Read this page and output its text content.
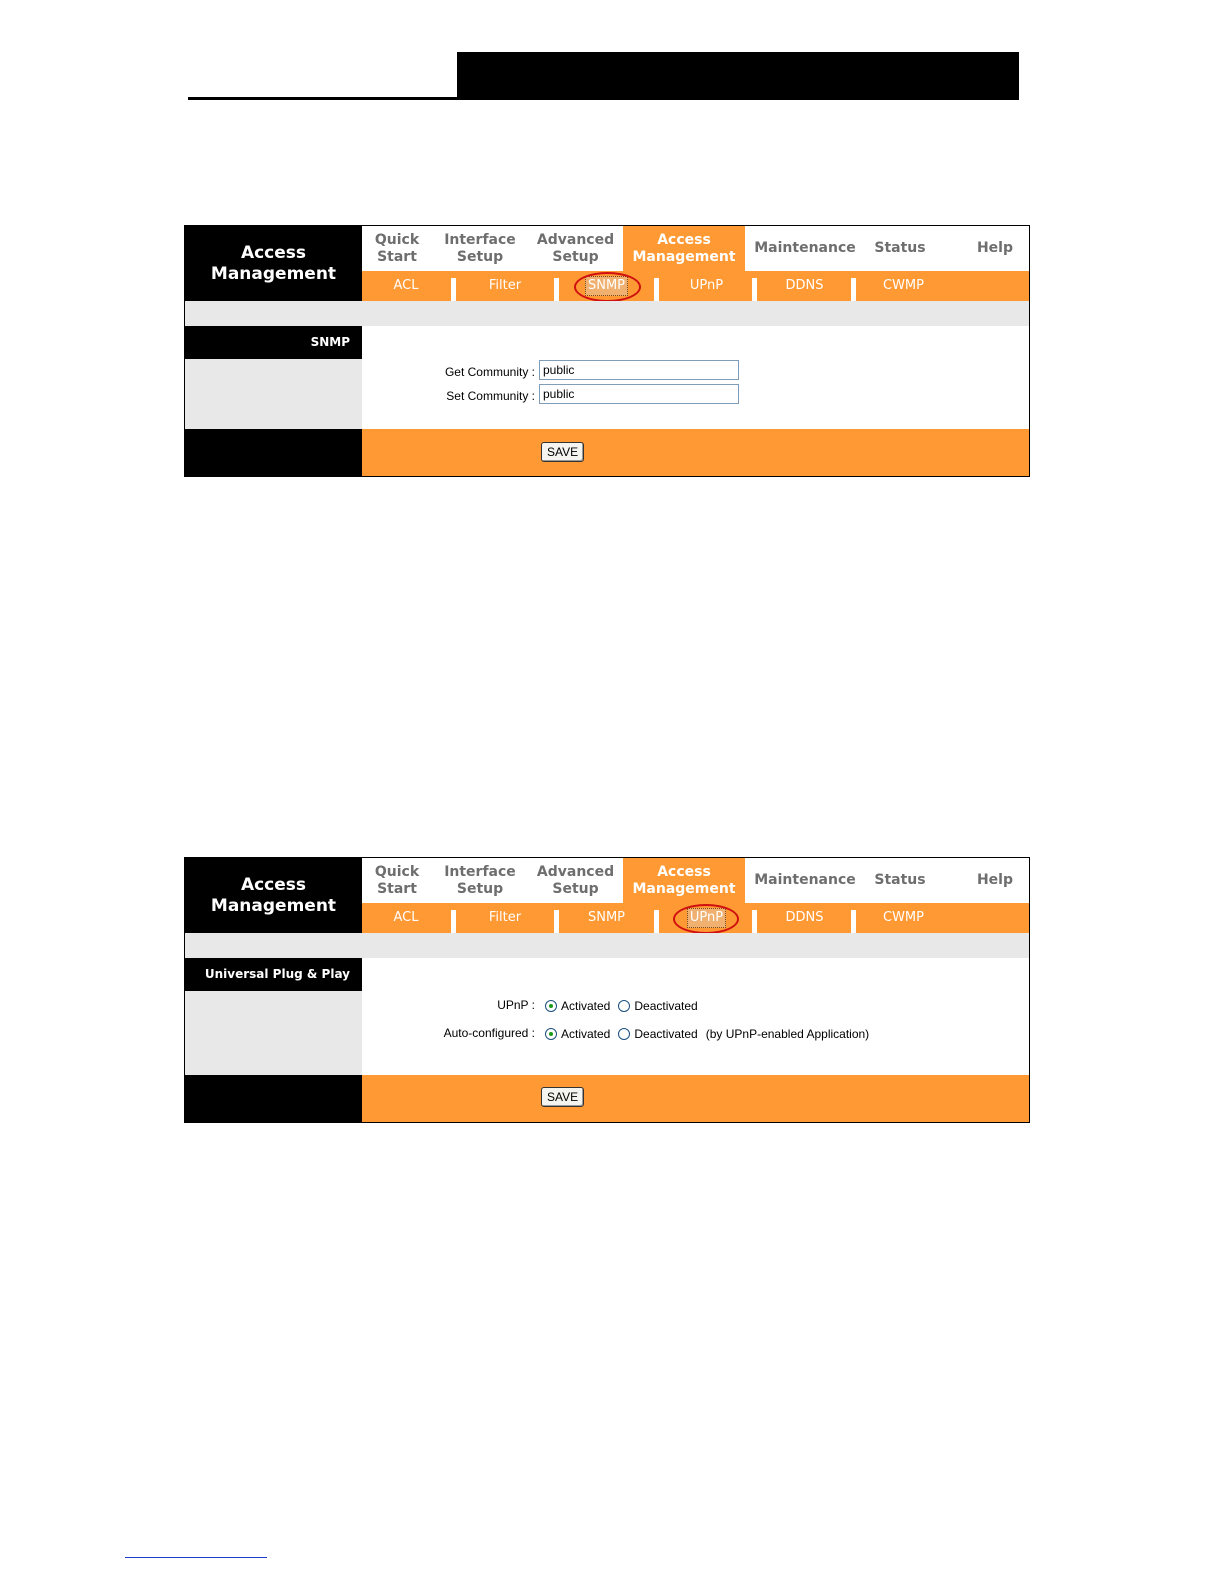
Access
Management
Quick
Start
Interface
Setup
Advanced
Setup
Access
Management
Maintenance Status	Help
ACL	Filter	SNMP	UPnP	DDNS	CWMP
SNMP
Get Community :
public
Set Community :
public
SAVE
Access
Management
Quick
Start
Interface
Setup
Advanced
Setup
Access
Management
Maintenance Status	Help
ACL	Filter	SNMP	UPnP	DDNS	CWMP
Universal Plug & Play
UPnP : Activated Deactivated
Auto-configured : Activated Deactivated (by UPnP-enabled Application)
SAVE
